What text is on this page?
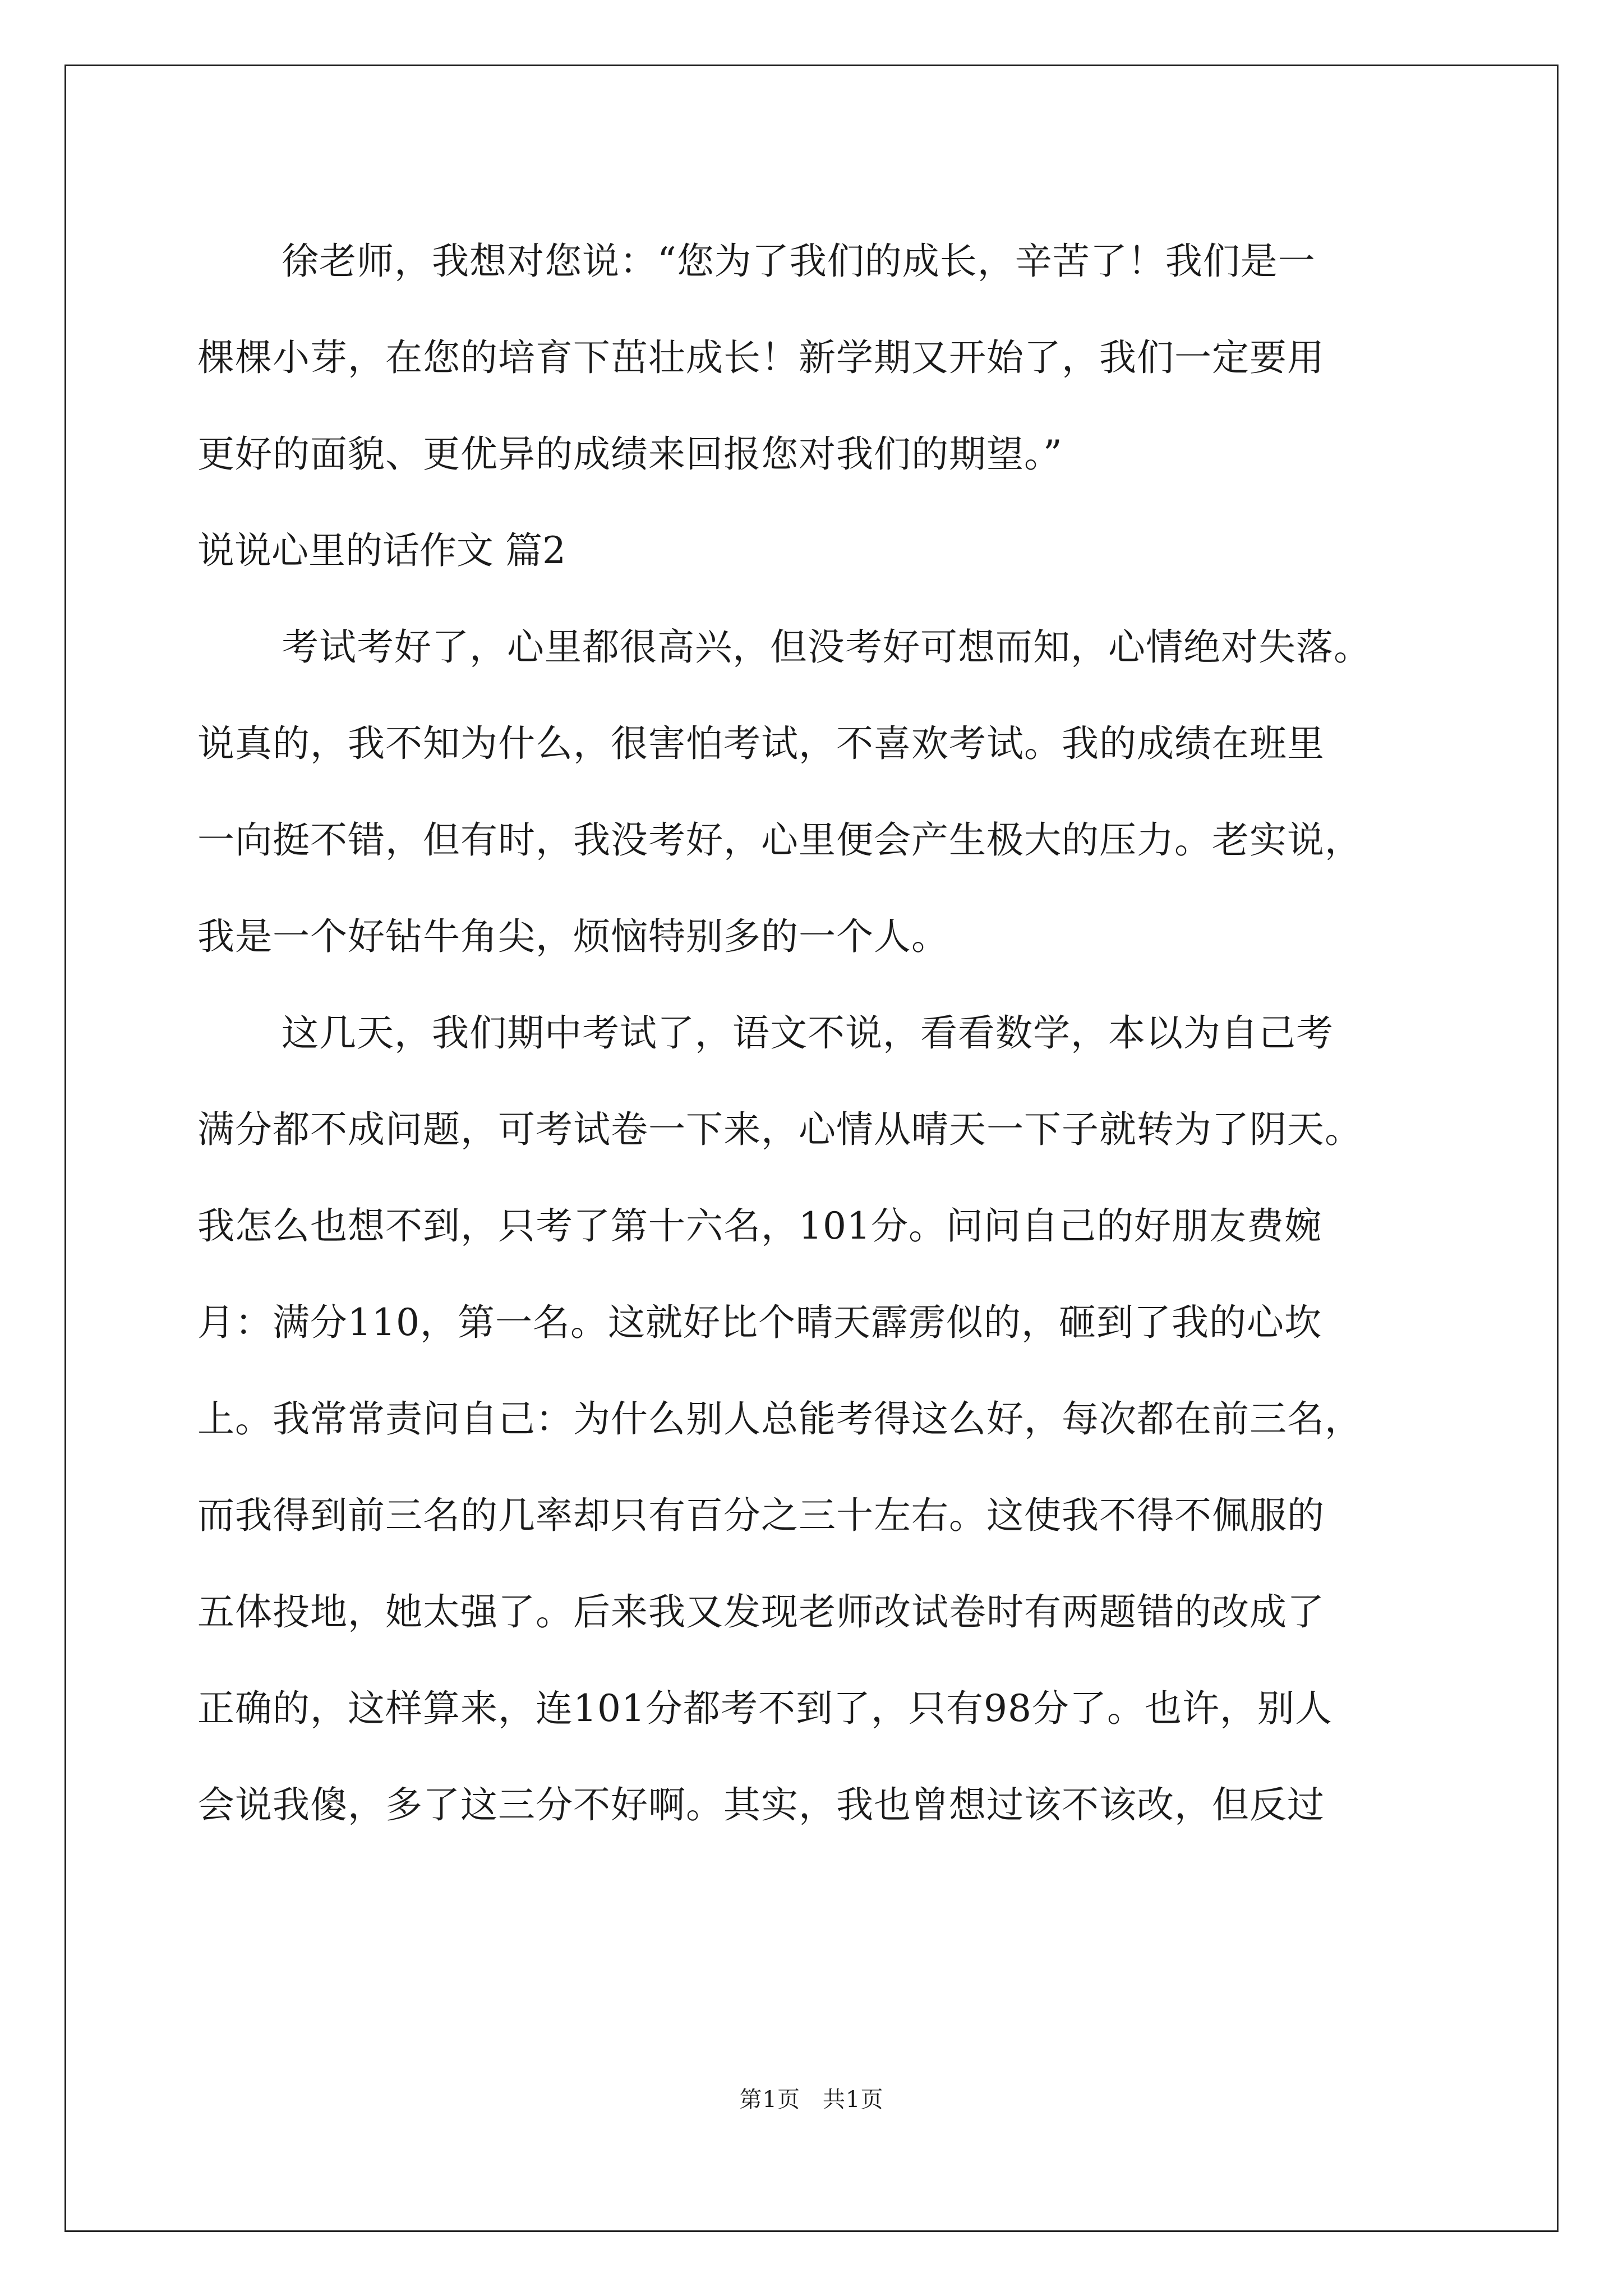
徐老师，我想对您说：“您为了我们的成长，辛苦了！我们是一
棵棵小芽，在您的培育下茁壮成长！新学期又开始了，我们一定要用
更好的面貌、更优异的成绩来回报您对我们的期望。”
说说心里的话作文 篇2
考试考好了，心里都很高兴，但没考好可想而知，心情绝对失落。
说真的，我不知为什么，很害怕考试，不喜欢考试。我的成绩在班里
一向挺不错，但有时，我没考好，心里便会产生极大的压力。老实说，
我是一个好钻牛角尖，烦恼特别多的一个人。
这几天，我们期中考试了，语文不说，看看数学，本以为自己考
满分都不成问题，可考试卷一下来，心情从晴天一下子就转为了阴天。
我怎么也想不到，只考了第十六名，101分。问问自己的好朋友费婉
月：满分110，第一名。这就好比个晴天霹雳似的，砸到了我的心坎
上。我常常责问自己：为什么别人总能考得这么好，每次都在前三名，
而我得到前三名的几率却只有百分之三十左右。这使我不得不佩服的
五体投地，她太强了。后来我又发现老师改试卷时有两题错的改成了
正确的，这样算来，连101分都考不到了，只有98分了。也许，别人
会说我傻，多了这三分不好啊。其实，我也曾想过该不该改，但反过
第1页 共1页
